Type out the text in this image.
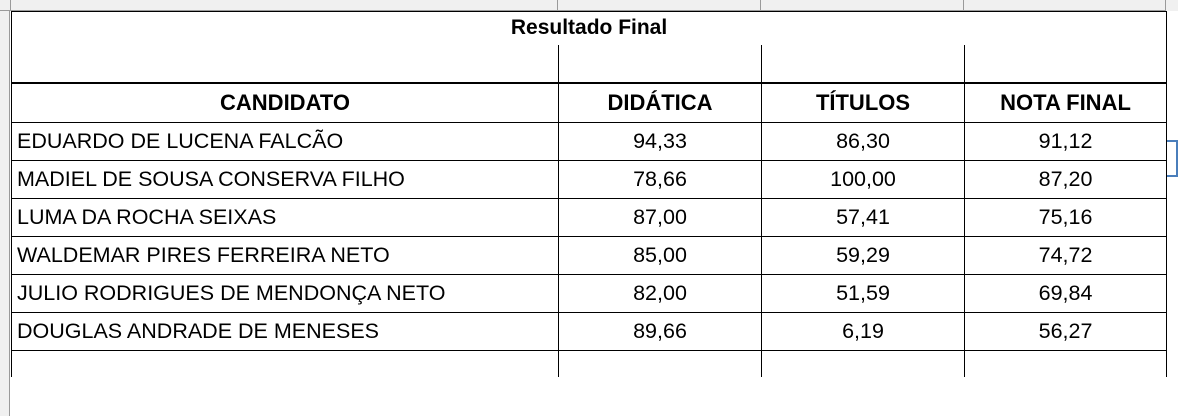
Resultado Final			

CANDIDATO	DIDÁTICA	TÍTULOS	NOTA FINAL
EDUARDO DE LUCENA FALCÃO	94,33	86,30	91,12
MADIEL DE SOUSA CONSERVA FILHO	78,66	100,00	87,20
LUMA DA ROCHA SEIXAS	87,00	57,41	75,16
WALDEMAR PIRES FERREIRA NETO	85,00	59,29	74,72
JULIO RODRIGUES DE MENDONÇA NETO	82,00	51,59	69,84
DOUGLAS ANDRADE DE MENESES	89,66	6,19	56,27
